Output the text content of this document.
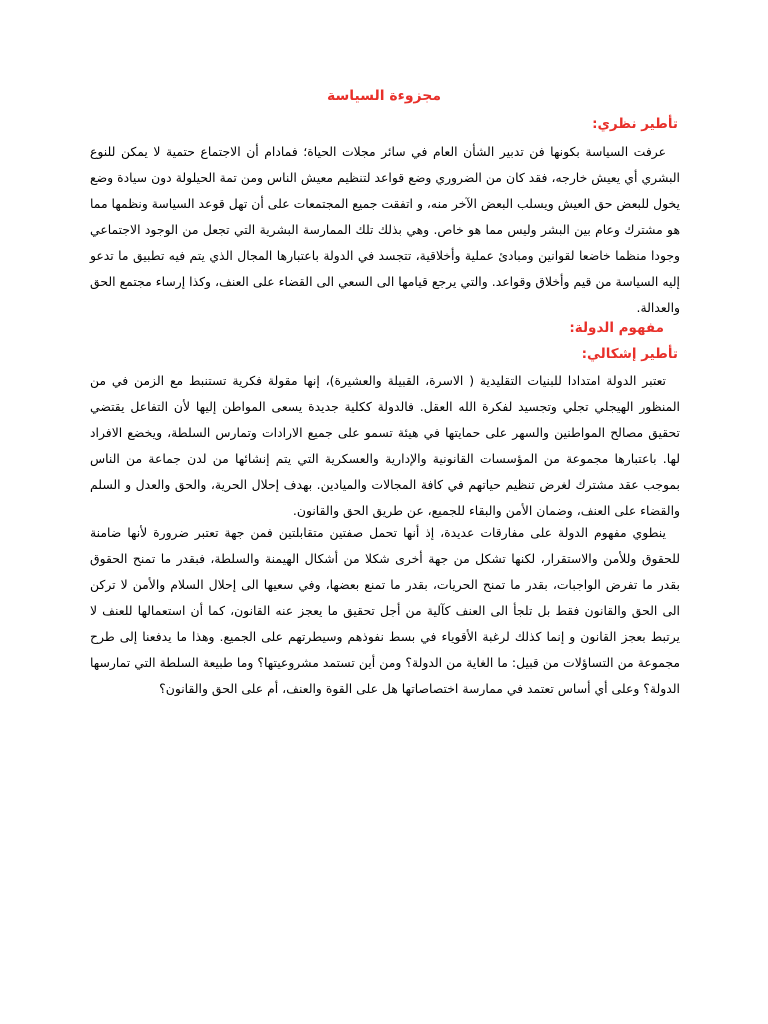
مجزوءة السياسة
تأطير نظري:

عرفت السياسة بكونها فن تدبير الشأن العام في سائر مجلات الحياة؛ فمادام أن الاجتماع حتمية لا يمكن للنوع البشري أي يعيش خارجه، فقد كان من الضروري وضع قواعد لتنظيم معيش الناس ومن تمة الحيلولة دون سيادة وضع يخول للبعض حق العيش ويسلب البعض الآخر منه، و اتفقت جميع المجتمعات على أن تهل قوعد السياسة ونظمها مما هو مشترك وعام بين البشر وليس مما هو خاص. وهي بذلك تلك الممارسة البشرية التي تجعل من الوجود الاجتماعي وجودا منظما خاضعا لقوانين ومبادئ عملية وأخلاقية، تتجسد في الدولة باعتبارها المجال الذي يتم فيه تطبيق ما تدعو إليه السياسة من قيم وأخلاق وقواعد. والتي يرجع قيامها الى السعي الى القضاء على العنف، وكذا إرساء مجتمع الحق والعدالة.

مفهوم الدولة:
تأطير إشكالي:

تعتبر الدولة امتدادا للبنيات التقليدية ( الاسرة، القبيلة والعشيرة)، إنها مقولة فكرية تستنبط مع الزمن في من المنظور الهيجلي تجلي وتجسيد لفكرة الله العقل. فالدولة ككلية جديدة يسعى المواطن إليها لأن التفاعل يقتضي تحقيق مصالح المواطنين والسهر على حمايتها في هيئة تسمو على جميع الارادات وتمارس السلطة، ويخضع الافراد لها. باعتبارها مجموعة من المؤسسات القانونية والإدارية والعسكرية التي يتم إنشائها من لدن جماعة من الناس بموجب عقد مشترك لغرض تنظيم حياتهم في كافة المجالات والميادين. بهدف إحلال الحرية، والحق والعدل و السلم والقضاء على العنف، وضمان الأمن والبقاء للجميع، عن طريق الحق والقانون.

ينطوي مفهوم الدولة على مفارقات عديدة، إذ أنها تحمل صفتين متقابلتين فمن جهة تعتبر ضرورة لأنها ضامنة للحقوق وللأمن والاستقرار، لكنها تشكل من جهة أخرى شكلا من أشكال الهيمنة والسلطة، فبقدر ما تمنح الحقوق بقدر ما تفرض الواجبات، بقدر ما تمنح الحريات، بقدر ما تمنع بعضها، وفي سعيها الى إحلال السلام والأمن لا تركن الى الحق والقانون فقط بل تلجأ الى العنف كآلية من أجل تحقيق ما يعجز عنه القانون، كما أن استعمالها للعنف لا يرتبط بعجز القانون و إنما كذلك لرغبة الأقوياء في بسط نفوذهم وسيطرتهم على الجميع. وهذا ما يدفعنا إلى طرح مجموعة من التساؤلات من قبيل: ما الغاية من الدولة؟ ومن أين تستمد مشروعيتها؟ وما طبيعة السلطة التي تمارسها الدولة؟ وعلى أي أساس تعتمد في ممارسة اختصاصاتها هل على القوة والعنف، أم على الحق والقانون؟
